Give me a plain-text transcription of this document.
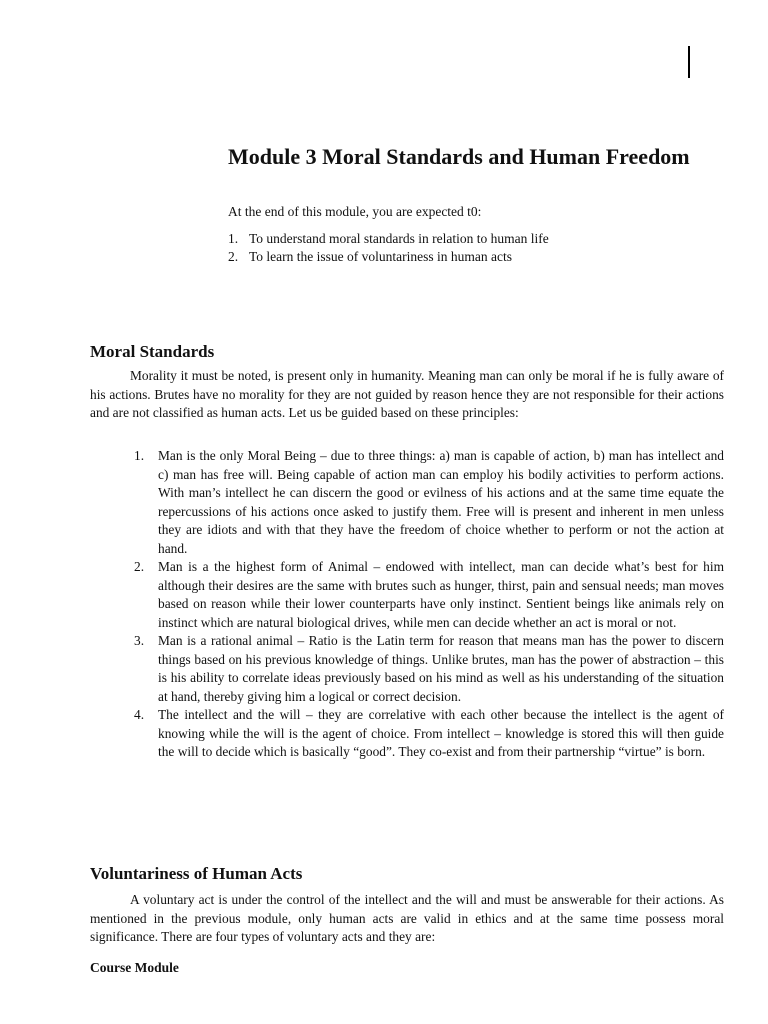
Module 3 Moral Standards and Human Freedom

At the end of this module, you are expected t0:

1. To understand moral standards in relation to human life
2. To learn the issue of voluntariness in human acts
Moral Standards

Morality it must be noted, is present only in humanity. Meaning man can only be moral if he is fully aware of his actions. Brutes have no morality for they are not guided by reason hence they are not responsible for their actions and are not classified as human acts. Let us be guided based on these principles:

1. Man is the only Moral Being – due to three things: a) man is capable of action, b) man has intellect and c) man has free will. Being capable of action man can employ his bodily activities to perform actions. With man’s intellect he can discern the good or evilness of his actions and at the same time equate the repercussions of his actions once asked to justify them. Free will is present and inherent in men unless they are idiots and with that they have the freedom of choice whether to perform or not the action at hand.
2. Man is a the highest form of Animal – endowed with intellect, man can decide what’s best for him although their desires are the same with brutes such as hunger, thirst, pain and sensual needs; man moves based on reason while their lower counterparts have only instinct. Sentient beings like animals rely on instinct which are natural biological drives, while men can decide whether an act is moral or not.
3. Man is a rational animal – Ratio is the Latin term for reason that means man has the power to discern things based on his previous knowledge of things. Unlike brutes, man has the power of abstraction – this is his ability to correlate ideas previously based on his mind as well as his understanding of the situation at hand, thereby giving him a logical or correct decision.
4. The intellect and the will – they are correlative with each other because the intellect is the agent of knowing while the will is the agent of choice. From intellect – knowledge is stored this will then guide the will to decide which is basically “good”. They co-exist and from their partnership “virtue” is born.
Voluntariness of Human Acts

A voluntary act is under the control of the intellect and the will and must be answerable for their actions. As mentioned in the previous module, only human acts are valid in ethics and at the same time possess moral significance. There are four types of voluntary acts and they are:

Course Module
